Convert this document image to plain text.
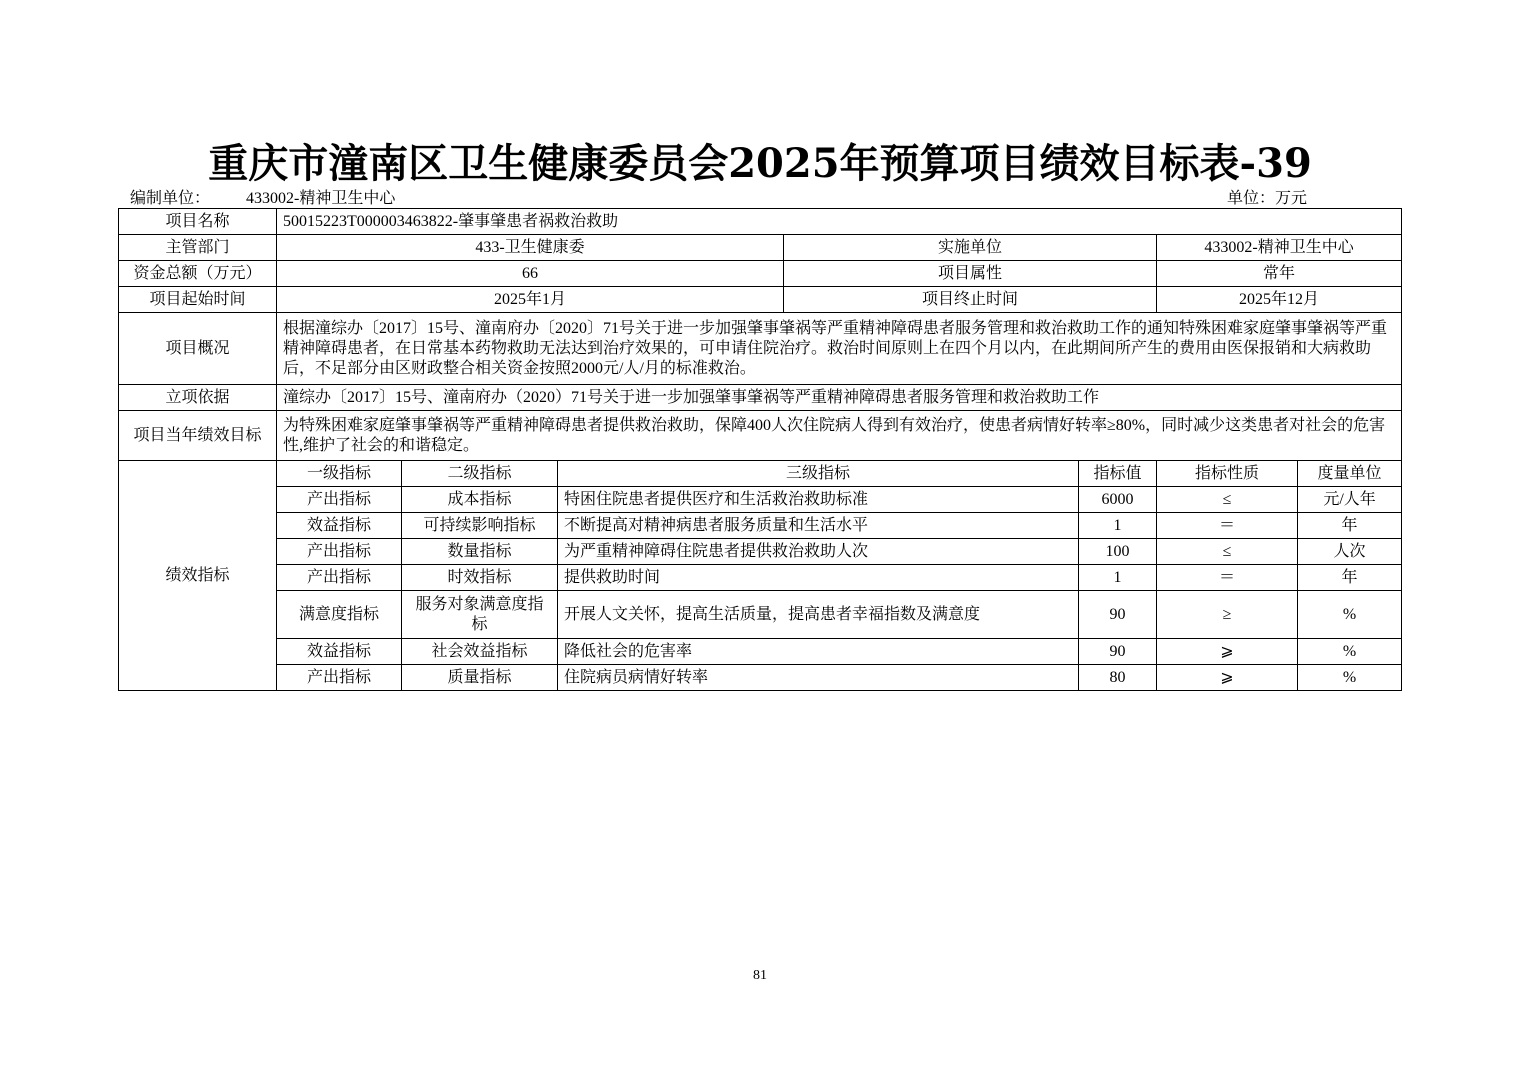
重庆市潼南区卫生健康委员会2025年预算项目绩效目标表-39
编制单位： 433002-精神卫生中心	单位：万元
项目名称	50015223T000003463822-肇事肇患者祸救治救助						
主管部门	433-卫生健康委			实施单位		433002-精神卫生中心	
资金总额（万元）	66			项目属性		常年	
项目起始时间	2025年1月			项目终止时间		2025年12月	
项目概况	根据潼综办〔2017〕15号、潼南府办〔2020〕71号关于进一步加强肇事肇祸等严重精神障碍患者服务管理和救治救助工作的通知特殊困难家庭肇事肇祸等严重精神障碍患者，在日常基本药物救助无法达到治疗效果的，可申请住院治疗。救治时间原则上在四个月以内，在此期间所产生的费用由医保报销和大病救助后，不足部分由区财政整合相关资金按照2000元/人/月的标准救治。						
立项依据	潼综办〔2017〕15号、潼南府办（2020）71号关于进一步加强肇事肇祸等严重精神障碍患者服务管理和救治救助工作						
项目当年绩效目标	为特殊困难家庭肇事肇祸等严重精神障碍患者提供救治救助，保障400人次住院病人得到有效治疗，使患者病情好转率≥80%，同时减少这类患者对社会的危害性,维护了社会的和谐稳定。						
绩效指标	一级指标	二级指标	三级指标		指标值	指标性质	度量单位
	产出指标	成本指标	特困住院患者提供医疗和生活救治救助标准		6000	≤	元/人年
	效益指标	可持续影响指标	不断提高对精神病患者服务质量和生活水平		1	＝	年
	产出指标	数量指标	为严重精神障碍住院患者提供救治救助人次		100	≤	人次
	产出指标	时效指标	提供救助时间		1	＝	年
	满意度指标	服务对象满意度指标	开展人文关怀，提高生活质量，提高患者幸福指数及满意度		90	≥	%
	效益指标	社会效益指标	降低社会的危害率		90	⩾	%
	产出指标	质量指标	住院病员病情好转率		80	⩾	%
81
